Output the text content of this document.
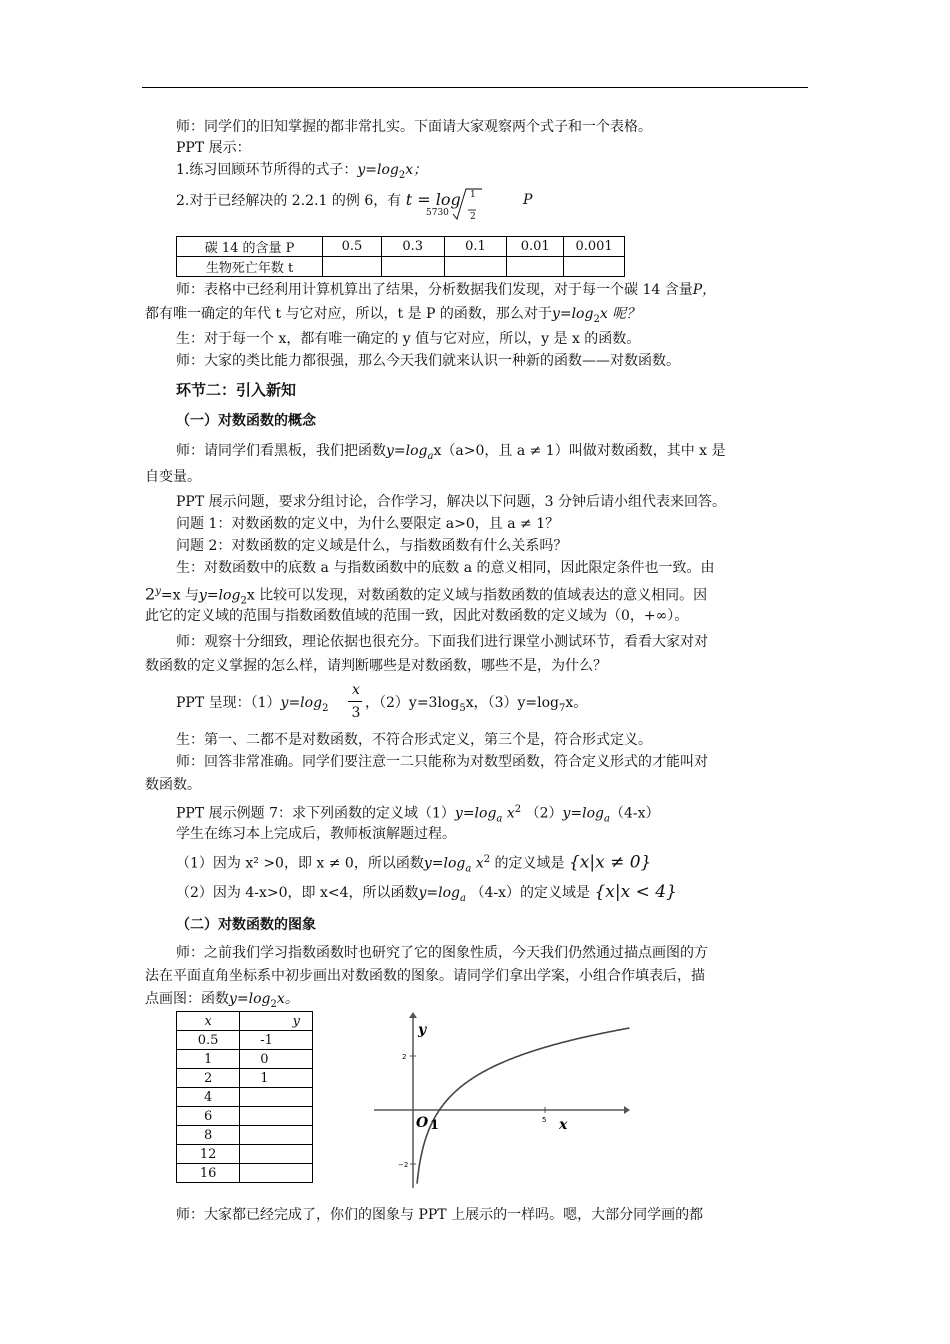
师：同学们的旧知掌握的都非常扎实。下面请大家观察两个式子和一个表格。
PPT 展示：
1.练习回顾环节所得的式子：$y=\log_2x$；
2.对于已经解决的 2.2.1 的例 6，有 t = log
5730
1
2
P
碳 14 的含量 P	0.5	0.3	0.1	0.01	0.001
生物死亡年数 t					
师：表格中已经利用计算机算出了结果，分析数据我们发现，对于每一个碳 14 含量P，
都有唯一确定的年代 t 与它对应，所以，t 是 P 的函数，那么对于$y=\log_2x$ 呢？
生：对于每一个 x，都有唯一确定的 y 值与它对应，所以，y 是 x 的函数。
师：大家的类比能力都很强，那么今天我们就来认识一种新的函数——对数函数。
环节二：引入新知
（一）对数函数的概念
师：请同学们看黑板，我们把函数$y=\log_ax(a>0$，且 a ≠ 1）叫做对数函数，其中 x 是
自变量。
PPT 展示问题，要求分组讨论，合作学习，解决以下问题，3 分钟后请小组代表来回答。
问题 1：对数函数的定义中，为什么要限定 a>0，且 a ≠ 1？
问题 2：对数函数的定义域是什么，与指数函数有什么关系吗？
生：对数函数中的底数 a 与指数函数中的底数 a 的意义相同，因此限定条件也一致。由
$2^y=x$ 与$y=\log_2x$ 比较可以发现，对数函数的定义域与指数函数的值域表达的意义相同。因
此它的定义域的范围与指数函数值域的范围一致，因此对数函数的定义域为（0，+∞）。
师：观察十分细致，理论依据也很充分。下面我们进行课堂小测试环节，看看大家对对
数函数的定义掌握的怎么样，请判断哪些是对数函数，哪些不是，为什么？
PPT 呈现：$(1)y=\log_2$
x
3
，$(2)y=3\log_5x$，$(3)y=\log_7x$。
生：第一、二都不是对数函数，不符合形式定义，第三个是，符合形式定义。
师：回答非常准确。同学们要注意一二只能称为对数型函数，符合定义形式的才能叫对
数函数。
PPT 展示例题 7：求下列函数的定义域$(1)y=\log_a$ $x^2$ $(2)y=\log_a(4-x)$
学生在练习本上完成后，教师板演解题过程。
（1）因为 x² >0，即 x ≠ 0，所以函数$y=\log_a$ $x^2$ 的定义域是 {x|x ≠ 0}
（2）因为 4-x>0，即 x<4，所以函数$y=\log_a$ （4-x）的定义域是 {x|x < 4}
（二）对数函数的图象
师：之前我们学习指数函数时也研究了它的图象性质，今天我们仍然通过描点画图的方
法在平面直角坐标系中初步画出对数函数的图象。请同学们拿出学案，小组合作填表后，描
点画图：函数$y=\log_2x$。
x	y
0.5	-1
1	0
2	1
4	
6	
8	
12	
16	
y
x
O 1
2
−2
5
师：大家都已经完成了，你们的图象与 PPT 上展示的一样吗。嗯，大部分同学画的都
